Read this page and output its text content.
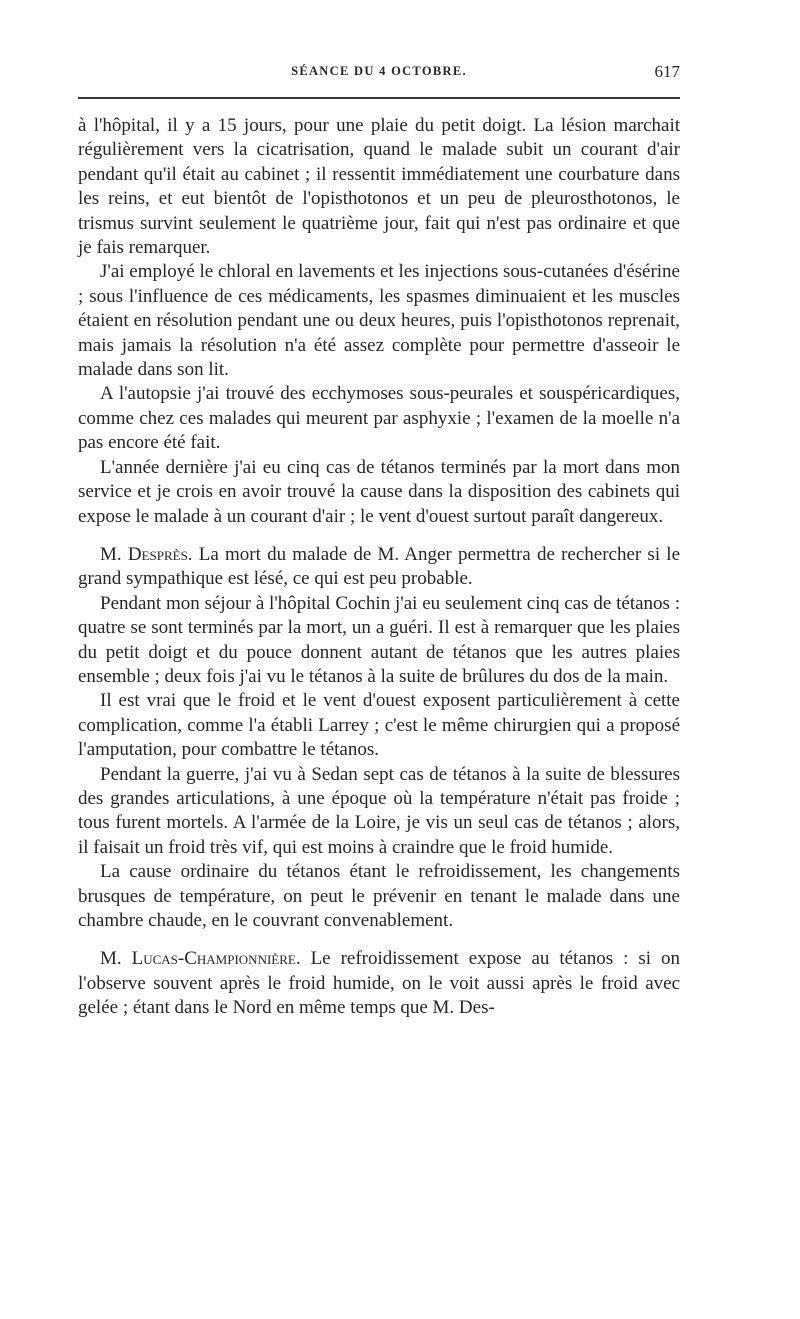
SÉANCE DU 4 OCTOBRE.	617

à l'hôpital, il y a 15 jours, pour une plaie du petit doigt. La lésion marchait régulièrement vers la cicatrisation, quand le malade subit un courant d'air pendant qu'il était au cabinet ; il ressentit immédiatement une courbature dans les reins, et eut bientôt de l'opisthotonos et un peu de pleurosthotonos, le trismus survint seulement le quatrième jour, fait qui n'est pas ordinaire et que je fais remarquer.

J'ai employé le chloral en lavements et les injections sous-cutanées d'ésérine ; sous l'influence de ces médicaments, les spasmes diminuaient et les muscles étaient en résolution pendant une ou deux heures, puis l'opisthotonos reprenait, mais jamais la résolution n'a été assez complète pour permettre d'asseoir le malade dans son lit.

A l'autopsie j'ai trouvé des ecchymoses sous-peurales et souspéricardiques, comme chez ces malades qui meurent par asphyxie ; l'examen de la moelle n'a pas encore été fait.

L'année dernière j'ai eu cinq cas de tétanos terminés par la mort dans mon service et je crois en avoir trouvé la cause dans la disposition des cabinets qui expose le malade à un courant d'air ; le vent d'ouest surtout paraît dangereux.

M. Desprès. La mort du malade de M. Anger permettra de rechercher si le grand sympathique est lésé, ce qui est peu probable.

Pendant mon séjour à l'hôpital Cochin j'ai eu seulement cinq cas de tétanos : quatre se sont terminés par la mort, un a guéri. Il est à remarquer que les plaies du petit doigt et du pouce donnent autant de tétanos que les autres plaies ensemble ; deux fois j'ai vu le tétanos à la suite de brûlures du dos de la main.

Il est vrai que le froid et le vent d'ouest exposent particulièrement à cette complication, comme l'a établi Larrey ; c'est le même chirurgien qui a proposé l'amputation, pour combattre le tétanos.

Pendant la guerre, j'ai vu à Sedan sept cas de tétanos à la suite de blessures des grandes articulations, à une époque où la température n'était pas froide ; tous furent mortels. A l'armée de la Loire, je vis un seul cas de tétanos ; alors, il faisait un froid très vif, qui est moins à craindre que le froid humide.

La cause ordinaire du tétanos étant le refroidissement, les changements brusques de température, on peut le prévenir en tenant le malade dans une chambre chaude, en le couvrant convenablement.

M. Lucas-Championnière. Le refroidissement expose au tétanos : si on l'observe souvent après le froid humide, on le voit aussi après le froid avec gelée ; étant dans le Nord en même temps que M. Des-
